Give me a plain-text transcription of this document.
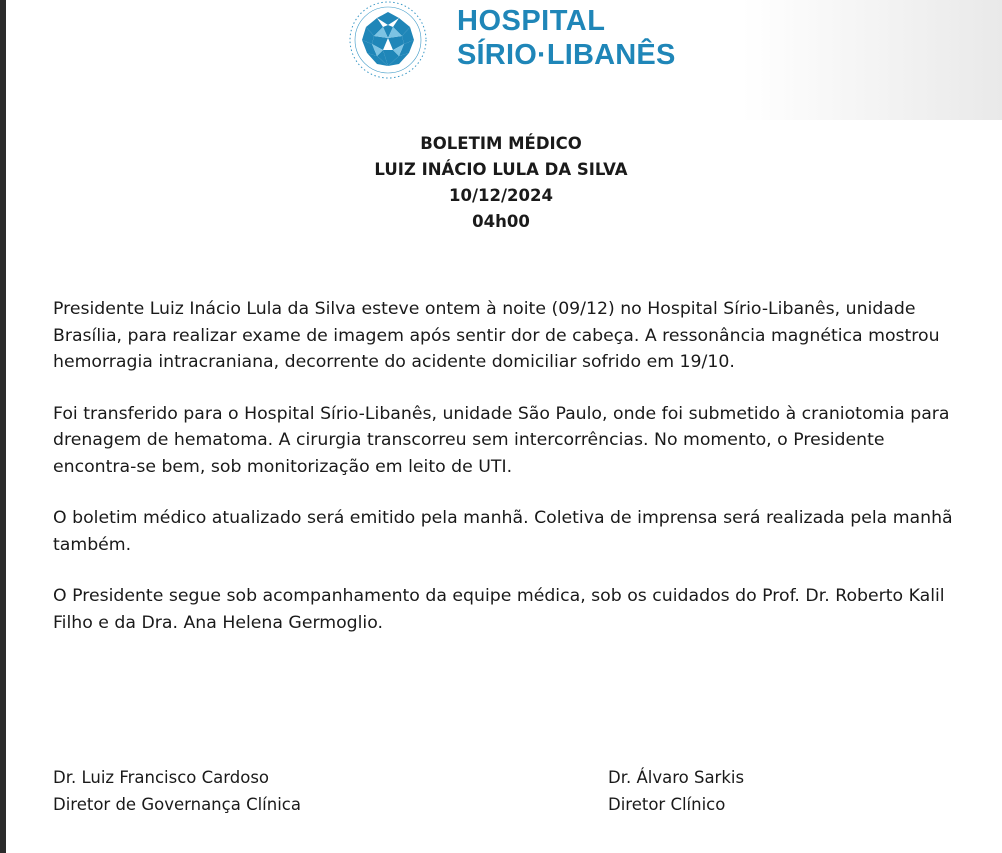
HOSPITAL
SÍRIO·LIBANÊS
BOLETIM MÉDICO
LUIZ INÁCIO LULA DA SILVA
10/12/2024
04h00

Presidente Luiz Inácio Lula da Silva esteve ontem à noite (09/12) no Hospital Sírio-Libanês, unidade Brasília, para realizar exame de imagem após sentir dor de cabeça. A ressonância magnética mostrou hemorragia intracraniana, decorrente do acidente domiciliar sofrido em 19/10.

Foi transferido para o Hospital Sírio-Libanês, unidade São Paulo, onde foi submetido à craniotomia para drenagem de hematoma. A cirurgia transcorreu sem intercorrências. No momento, o Presidente encontra-se bem, sob monitorização em leito de UTI.

O boletim médico atualizado será emitido pela manhã. Coletiva de imprensa será realizada pela manhã também.

O Presidente segue sob acompanhamento da equipe médica, sob os cuidados do Prof. Dr. Roberto Kalil Filho e da Dra. Ana Helena Germoglio.

Dr. Luiz Francisco Cardoso
Diretor de Governança Clínica
Dr. Álvaro Sarkis
Diretor Clínico
